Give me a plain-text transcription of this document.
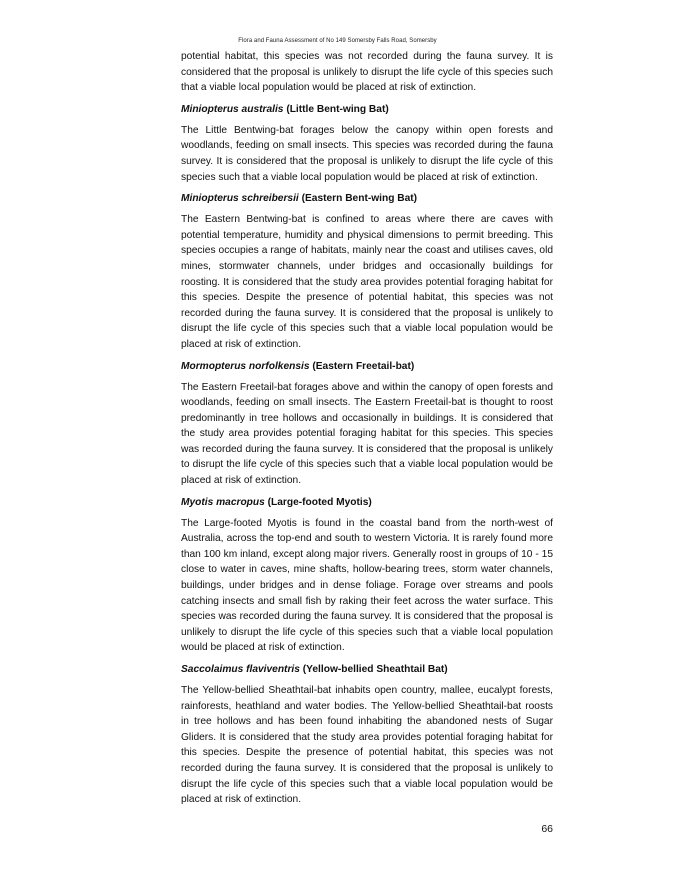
Flora and Fauna Assessment of No 149 Somersby Falls Road, Somersby

potential habitat, this species was not recorded during the fauna survey. It is considered that the proposal is unlikely to disrupt the life cycle of this species such that a viable local population would be placed at risk of extinction.

Miniopterus australis (Little Bent-wing Bat)

The Little Bentwing-bat forages below the canopy within open forests and woodlands, feeding on small insects. This species was recorded during the fauna survey. It is considered that the proposal is unlikely to disrupt the life cycle of this species such that a viable local population would be placed at risk of extinction.

Miniopterus schreibersii (Eastern Bent-wing Bat)

The Eastern Bentwing-bat is confined to areas where there are caves with potential temperature, humidity and physical dimensions to permit breeding. This species occupies a range of habitats, mainly near the coast and utilises caves, old mines, stormwater channels, under bridges and occasionally buildings for roosting. It is considered that the study area provides potential foraging habitat for this species. Despite the presence of potential habitat, this species was not recorded during the fauna survey. It is considered that the proposal is unlikely to disrupt the life cycle of this species such that a viable local population would be placed at risk of extinction.

Mormopterus norfolkensis (Eastern Freetail-bat)

The Eastern Freetail-bat forages above and within the canopy of open forests and woodlands, feeding on small insects. The Eastern Freetail-bat is thought to roost predominantly in tree hollows and occasionally in buildings. It is considered that the study area provides potential foraging habitat for this species. This species was recorded during the fauna survey. It is considered that the proposal is unlikely to disrupt the life cycle of this species such that a viable local population would be placed at risk of extinction.

Myotis macropus (Large-footed Myotis)

The Large-footed Myotis is found in the coastal band from the north-west of Australia, across the top-end and south to western Victoria. It is rarely found more than 100 km inland, except along major rivers. Generally roost in groups of 10 - 15 close to water in caves, mine shafts, hollow-bearing trees, storm water channels, buildings, under bridges and in dense foliage. Forage over streams and pools catching insects and small fish by raking their feet across the water surface. This species was recorded during the fauna survey. It is considered that the proposal is unlikely to disrupt the life cycle of this species such that a viable local population would be placed at risk of extinction.

Saccolaimus flaviventris (Yellow-bellied Sheathtail Bat)

The Yellow-bellied Sheathtail-bat inhabits open country, mallee, eucalypt forests, rainforests, heathland and water bodies. The Yellow-bellied Sheathtail-bat roosts in tree hollows and has been found inhabiting the abandoned nests of Sugar Gliders. It is considered that the study area provides potential foraging habitat for this species. Despite the presence of potential habitat, this species was not recorded during the fauna survey. It is considered that the proposal is unlikely to disrupt the life cycle of this species such that a viable local population would be placed at risk of extinction.

66
